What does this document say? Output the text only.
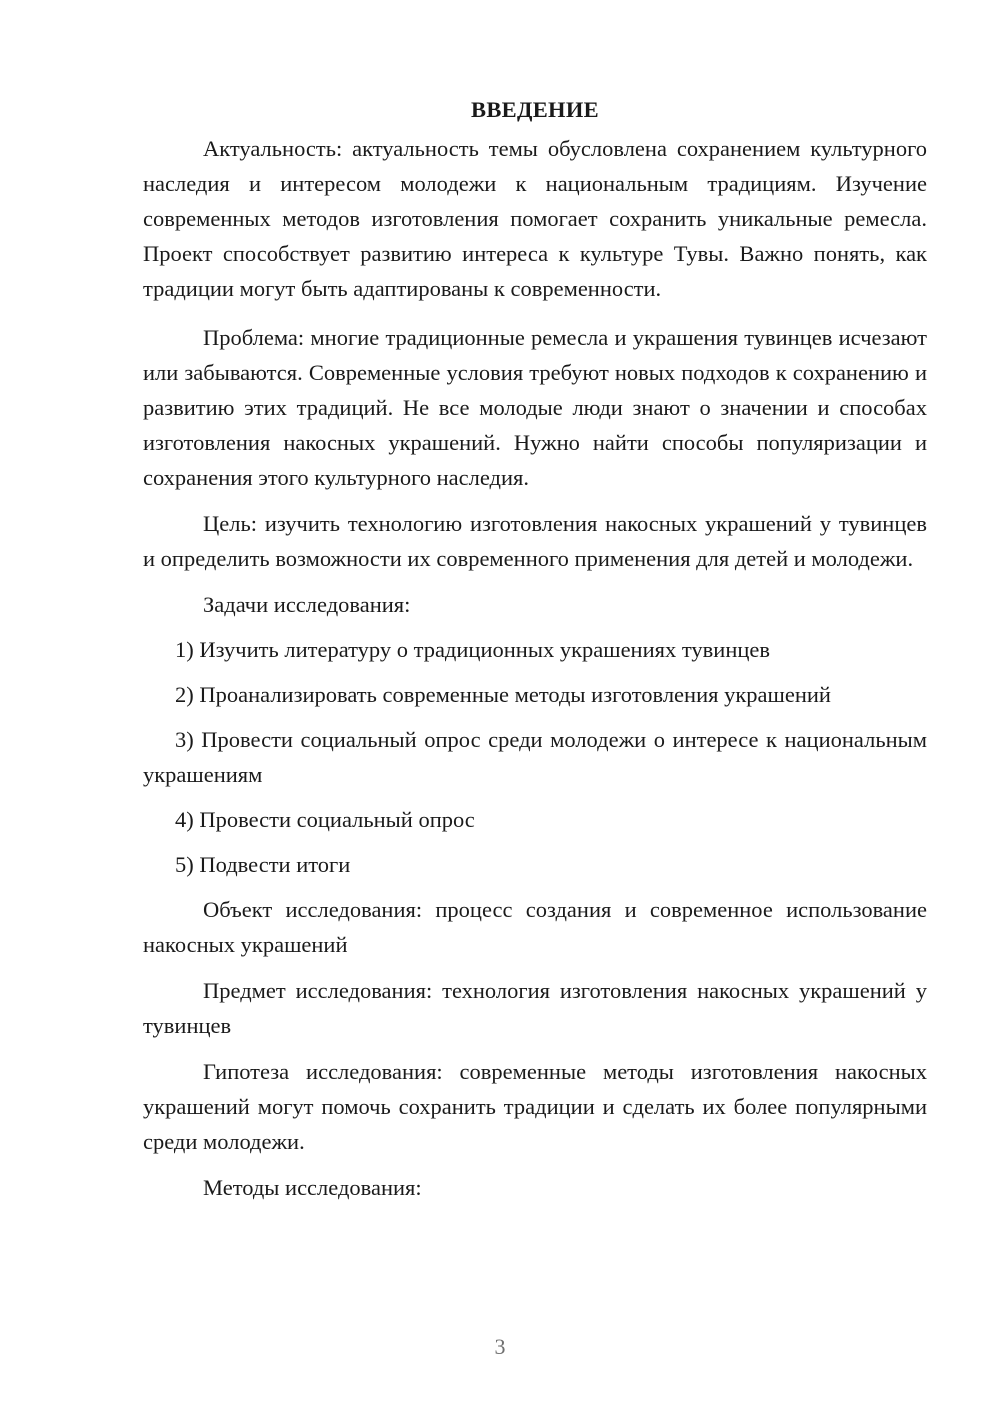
ВВЕДЕНИЕ

Актуальность: актуальность темы обусловлена сохранением культурного наследия и интересом молодежи к национальным традициям. Изучение современных методов изготовления помогает сохранить уникальные ремесла. Проект способствует развитию интереса к культуре Тувы. Важно понять, как традиции могут быть адаптированы к современности.

Проблема: многие традиционные ремесла и украшения тувинцев исчезают или забываются. Современные условия требуют новых подходов к сохранению и развитию этих традиций. Не все молодые люди знают о значении и способах изготовления накосных украшений. Нужно найти способы популяризации и сохранения этого культурного наследия.

Цель: изучить технологию изготовления накосных украшений у тувинцев и определить возможности их современного применения для детей и молодежи.

Задачи исследования:

1) Изучить литературу о традиционных украшениях тувинцев

2) Проанализировать современные методы изготовления украшений

3) Провести социальный опрос среди молодежи о интересе к национальным украшениям

4) Провести социальный опрос

5) Подвести итоги

Объект исследования: процесс создания и современное использование накосных украшений

Предмет исследования: технология изготовления накосных украшений у тувинцев

Гипотеза исследования: современные методы изготовления накосных украшений могут помочь сохранить традиции и сделать их более популярными среди молодежи.

Методы исследования:

3
